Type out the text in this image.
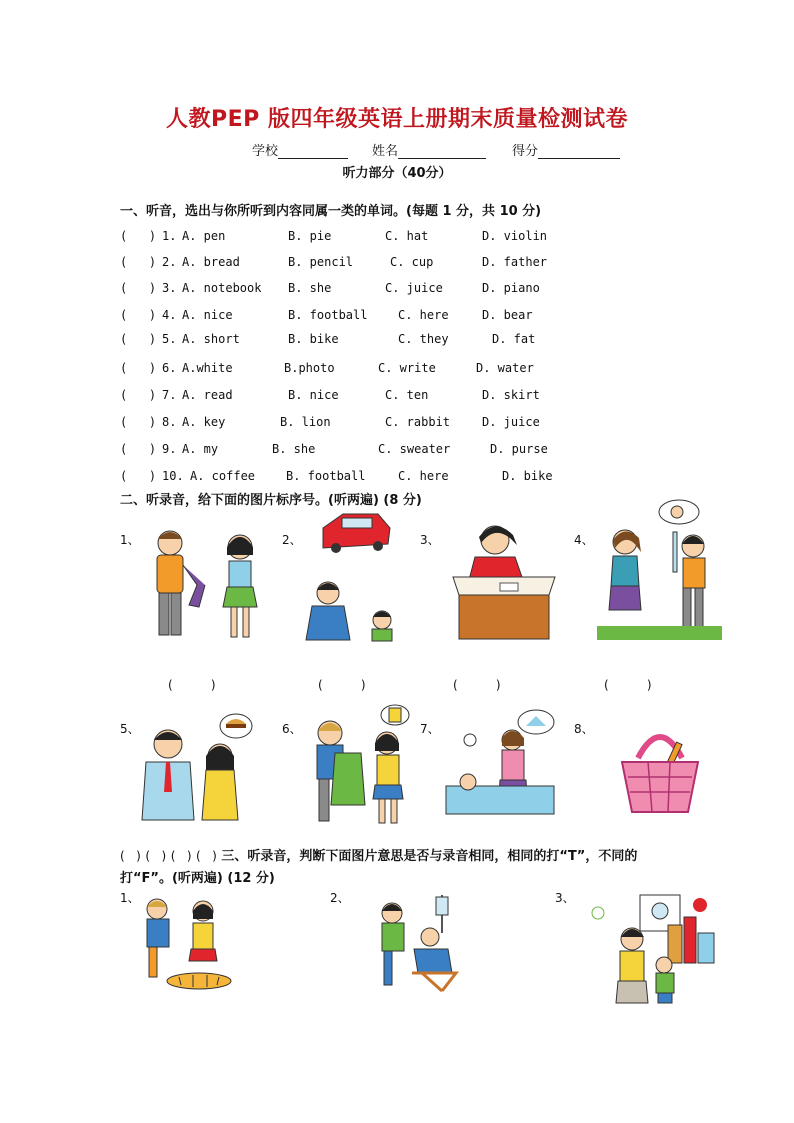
人教PEP 版四年级英语上册期末质量检测试卷
学校	姓名	得分
听力部分（40分）
一、听音，选出与你所听到内容同属一类的单词。(每题 1 分，共 10 分)
(   ) 1. A. pen	B. pie	C. hat	D. violin
(   ) 2. A. bread	B. pencil	C. cup	D. father
(   ) 3. A. notebook B. she	C. juice	D. piano
(   ) 4. A. nice	B. football	C. here	D. bear
(   ) 5. A. short	B. bike	C. they	D. fat
(   ) 6. A.white	B.photo	C. write	D. water
(   ) 7. A. read	B. nice	C. ten	D. skirt
(   ) 8. A. key	B. lion	C. rabbit	D. juice
(   ) 9. A. my	B. she	C. sweater	D. purse
(   ) 10. A. coffee	B. football	C. here	D. bike
二、听录音，给下面的图片标序号。(听两遍) (8 分)
1、	2、	3、	4、
(          )	(          )	(          )	(          )
5、	6、	7、	8、
(   ) (   ) (   ) (   ) 三、听录音，判断下面图片意思是否与录音相同，相同的打“T”，不同的打“F”。(听两遍) (12 分)
1、	2、	3、
